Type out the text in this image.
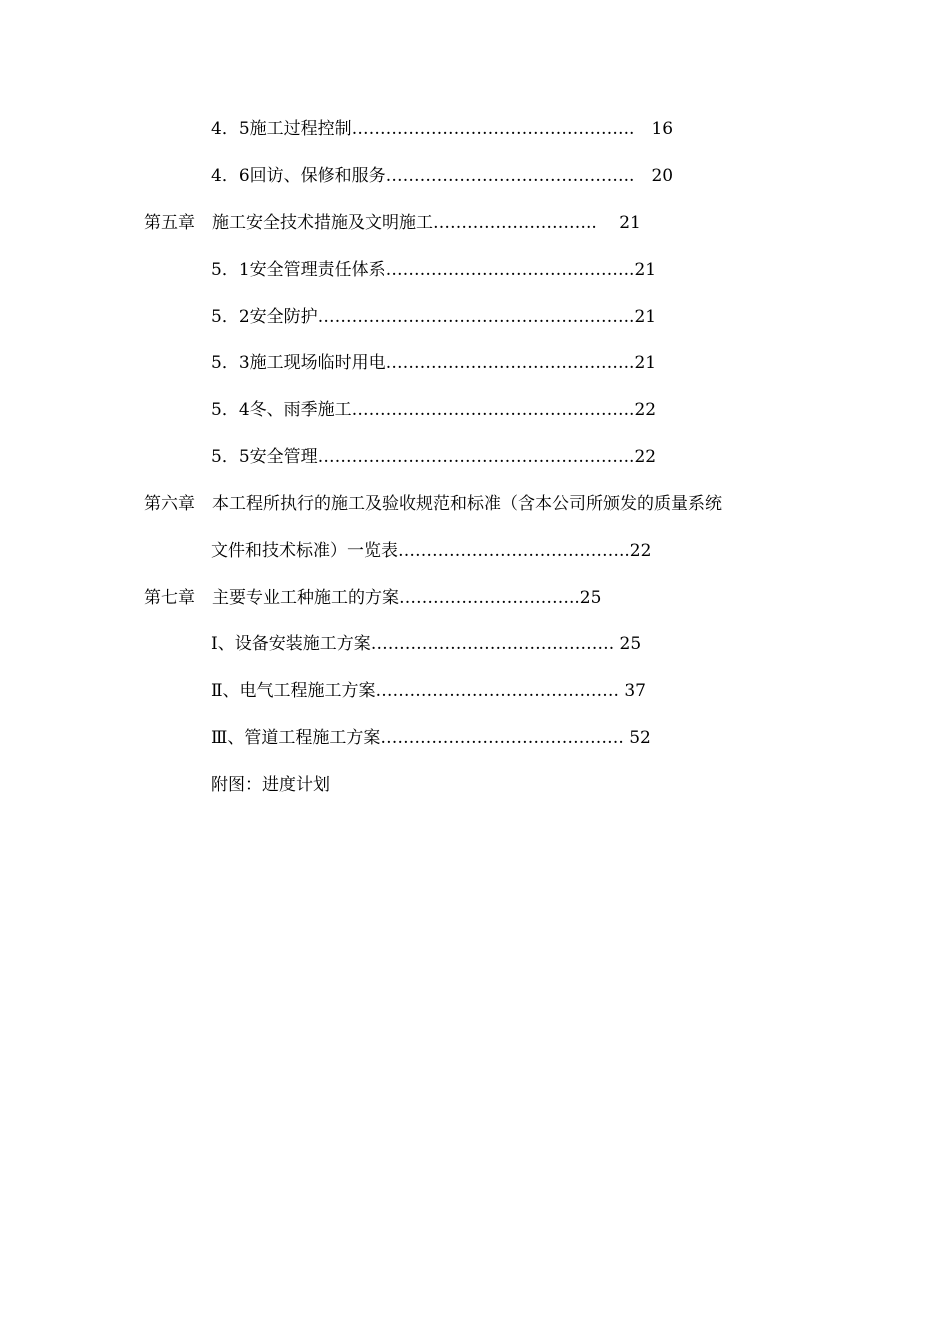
4．5施工过程控制…………………………………………..　16
4．6回访、保修和服务……………………………………..　20
第五章　施工安全技术措施及文明施工………………………..　 21
5．1安全管理责任体系……………………………………..21
5．2安全防护………………………………………………..21
5．3施工现场临时用电……………………………………..21
5．4冬、雨季施工…………………………………………..22
5．5安全管理………………………………………………..22
第六章　本工程所执行的施工及验收规范和标准（含本公司所颁发的质量系统
文件和技术标准）一览表…………………………………..22
第七章　主要专业工种施工的方案…………………………..25
Ⅰ、设备安装施工方案……………………………………. 25
Ⅱ、电气工程施工方案……………………………………. 37
Ⅲ、管道工程施工方案……………………………………. 52
附图：进度计划
